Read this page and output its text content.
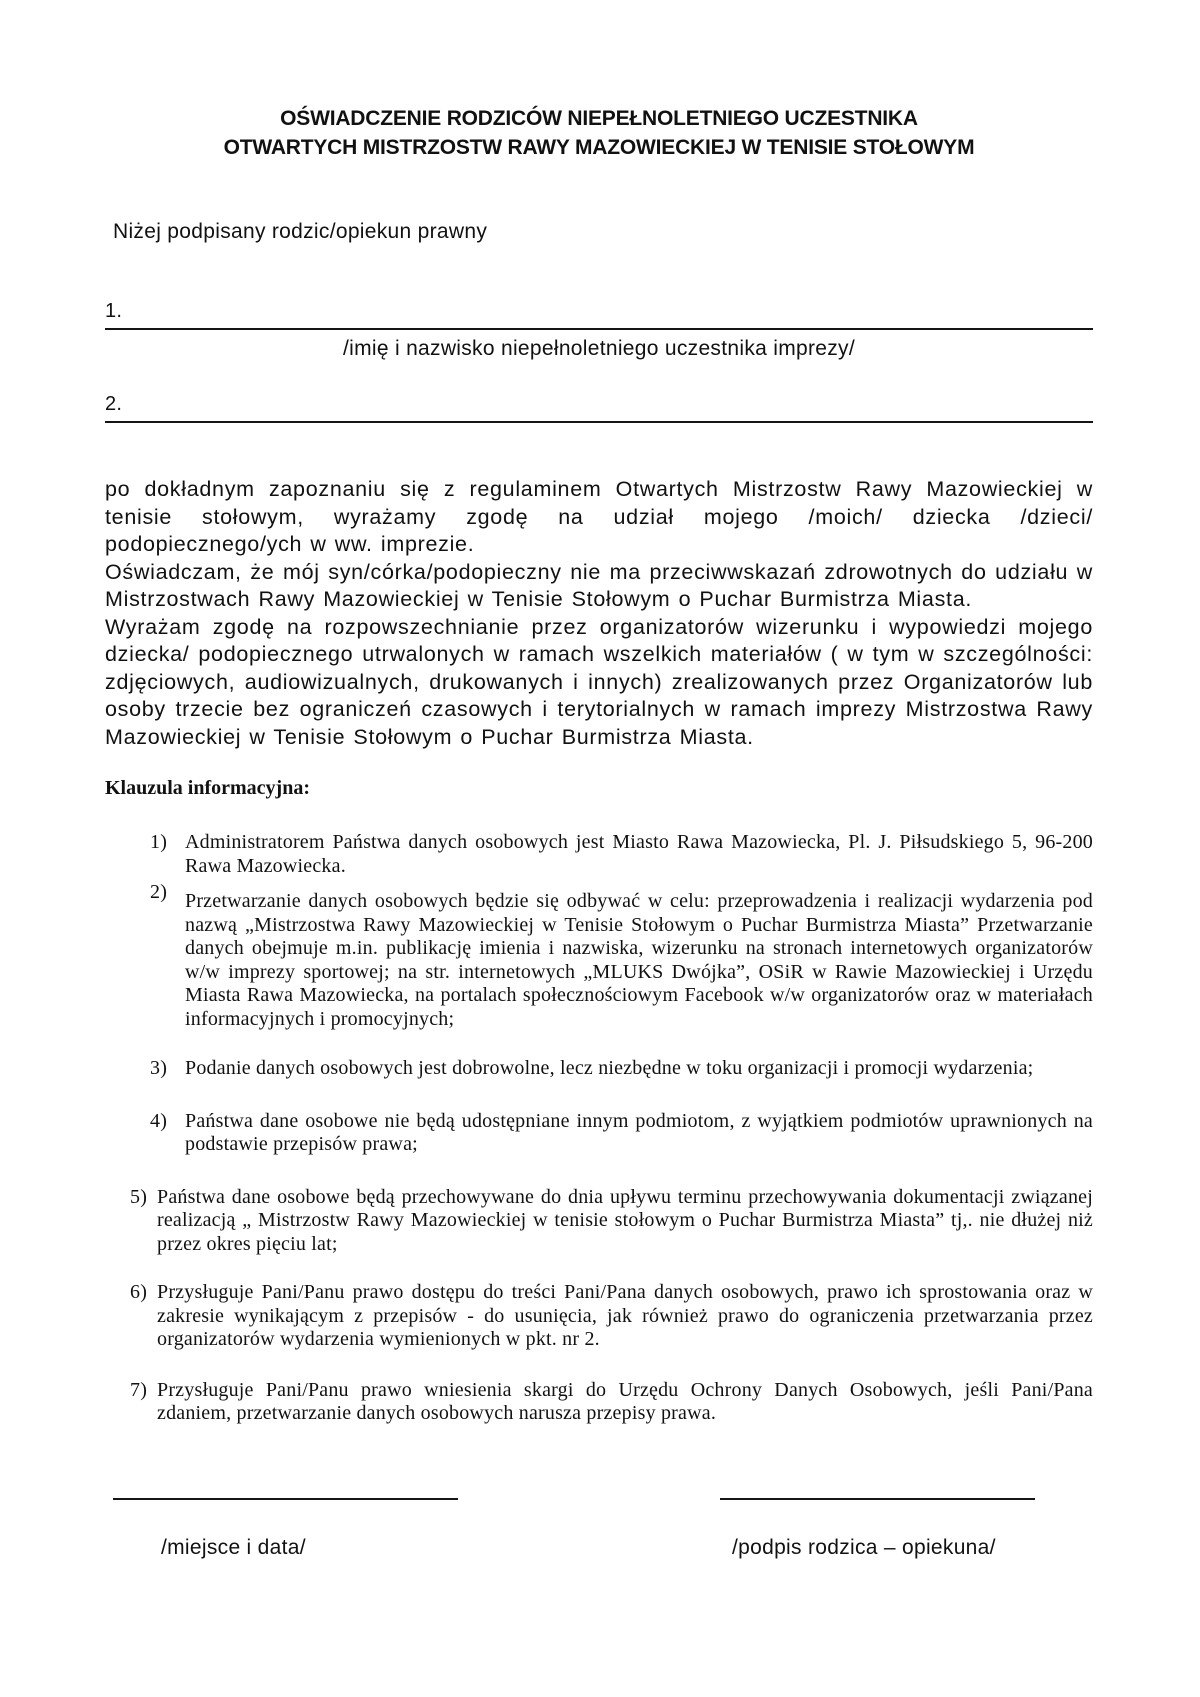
OŚWIADCZENIE RODZICÓW NIEPEŁNOLETNIEGO UCZESTNIKA
OTWARTYCH MISTRZOSTW RAWY MAZOWIECKIEJ W TENISIE STOŁOWYM

Niżej podpisany rodzic/opiekun prawny

1.
/imię i nazwisko niepełnoletniego uczestnika imprezy/
2.

po dokładnym zapoznaniu się z regulaminem Otwartych Mistrzostw Rawy Mazowieckiej w tenisie stołowym, wyrażamy zgodę na udział mojego /moich/ dziecka /dzieci/ podopiecznego/ych w ww. imprezie.

Oświadczam, że mój syn/córka/podopieczny nie ma przeciwwskazań zdrowotnych do udziału w Mistrzostwach Rawy Mazowieckiej w Tenisie Stołowym o Puchar Burmistrza Miasta.

Wyrażam zgodę na rozpowszechnianie przez organizatorów wizerunku i wypowiedzi mojego dziecka/ podopiecznego utrwalonych w ramach wszelkich materiałów ( w tym w szczególności: zdjęciowych, audiowizualnych, drukowanych i innych) zrealizowanych przez Organizatorów lub osoby trzecie bez ograniczeń czasowych i terytorialnych w ramach imprezy Mistrzostwa Rawy Mazowieckiej w Tenisie Stołowym o Puchar Burmistrza Miasta.

Klauzula informacyjna:
1) Administratorem Państwa danych osobowych jest Miasto Rawa Mazowiecka, Pl. J. Piłsudskiego 5, 96-200 Rawa Mazowiecka.
2) Przetwarzanie danych osobowych będzie się odbywać w celu: przeprowadzenia i realizacji wydarzenia pod nazwą „Mistrzostwa Rawy Mazowieckiej w Tenisie Stołowym o Puchar Burmistrza Miasta” Przetwarzanie danych obejmuje m.in. publikację imienia i nazwiska, wizerunku na stronach internetowych organizatorów w/w imprezy sportowej; na str. internetowych „MLUKS Dwójka”, OSiR w Rawie Mazowieckiej i Urzędu Miasta Rawa Mazowiecka, na portalach społecznościowym Facebook w/w organizatorów oraz w materiałach informacyjnych i promocyjnych;
3) Podanie danych osobowych jest dobrowolne, lecz niezbędne w toku organizacji i promocji wydarzenia;
4) Państwa dane osobowe nie będą udostępniane innym podmiotom, z wyjątkiem podmiotów uprawnionych na podstawie przepisów prawa;
5) Państwa dane osobowe będą przechowywane do dnia upływu terminu przechowywania dokumentacji związanej realizacją „ Mistrzostw Rawy Mazowieckiej w tenisie stołowym o Puchar Burmistrza Miasta” tj,. nie dłużej niż przez okres pięciu lat;
6) Przysługuje Pani/Panu prawo dostępu do treści Pani/Pana danych osobowych, prawo ich sprostowania oraz w zakresie wynikającym z przepisów - do usunięcia, jak również prawo do ograniczenia przetwarzania przez organizatorów wydarzenia wymienionych w pkt. nr 2.
7) Przysługuje Pani/Panu prawo wniesienia skargi do Urzędu Ochrony Danych Osobowych, jeśli Pani/Pana zdaniem, przetwarzanie danych osobowych narusza przepisy prawa.
/miejsce i data/	/podpis rodzica – opiekuna/
